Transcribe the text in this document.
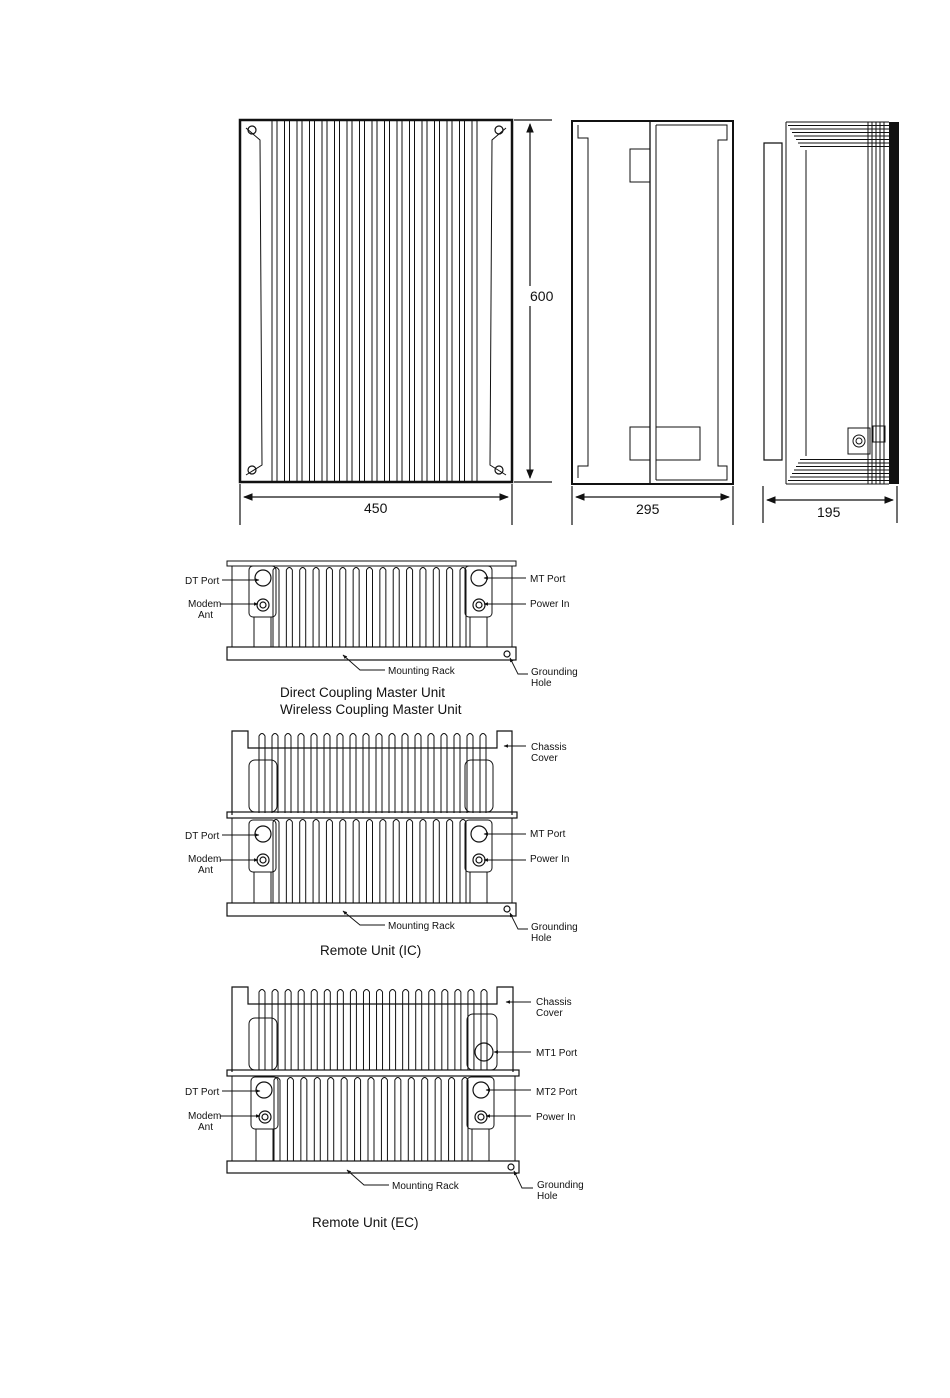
600
450	295	195
DT Port
Modem
Ant
MT Port
Power In
Mounting Rack	Grounding
Hole
Direct Coupling Master Unit
Wireless Coupling Master Unit
Chassis
Cover
DT Port
Modem
Ant
MT Port
Power In
Mounting Rack	Grounding
Hole
Remote Unit (IC)
Chassis
Cover
MT1 Port
DT Port	MT2 Port
Modem
Ant
Power In
Mounting Rack	Grounding
Hole
Remote Unit (EC)
